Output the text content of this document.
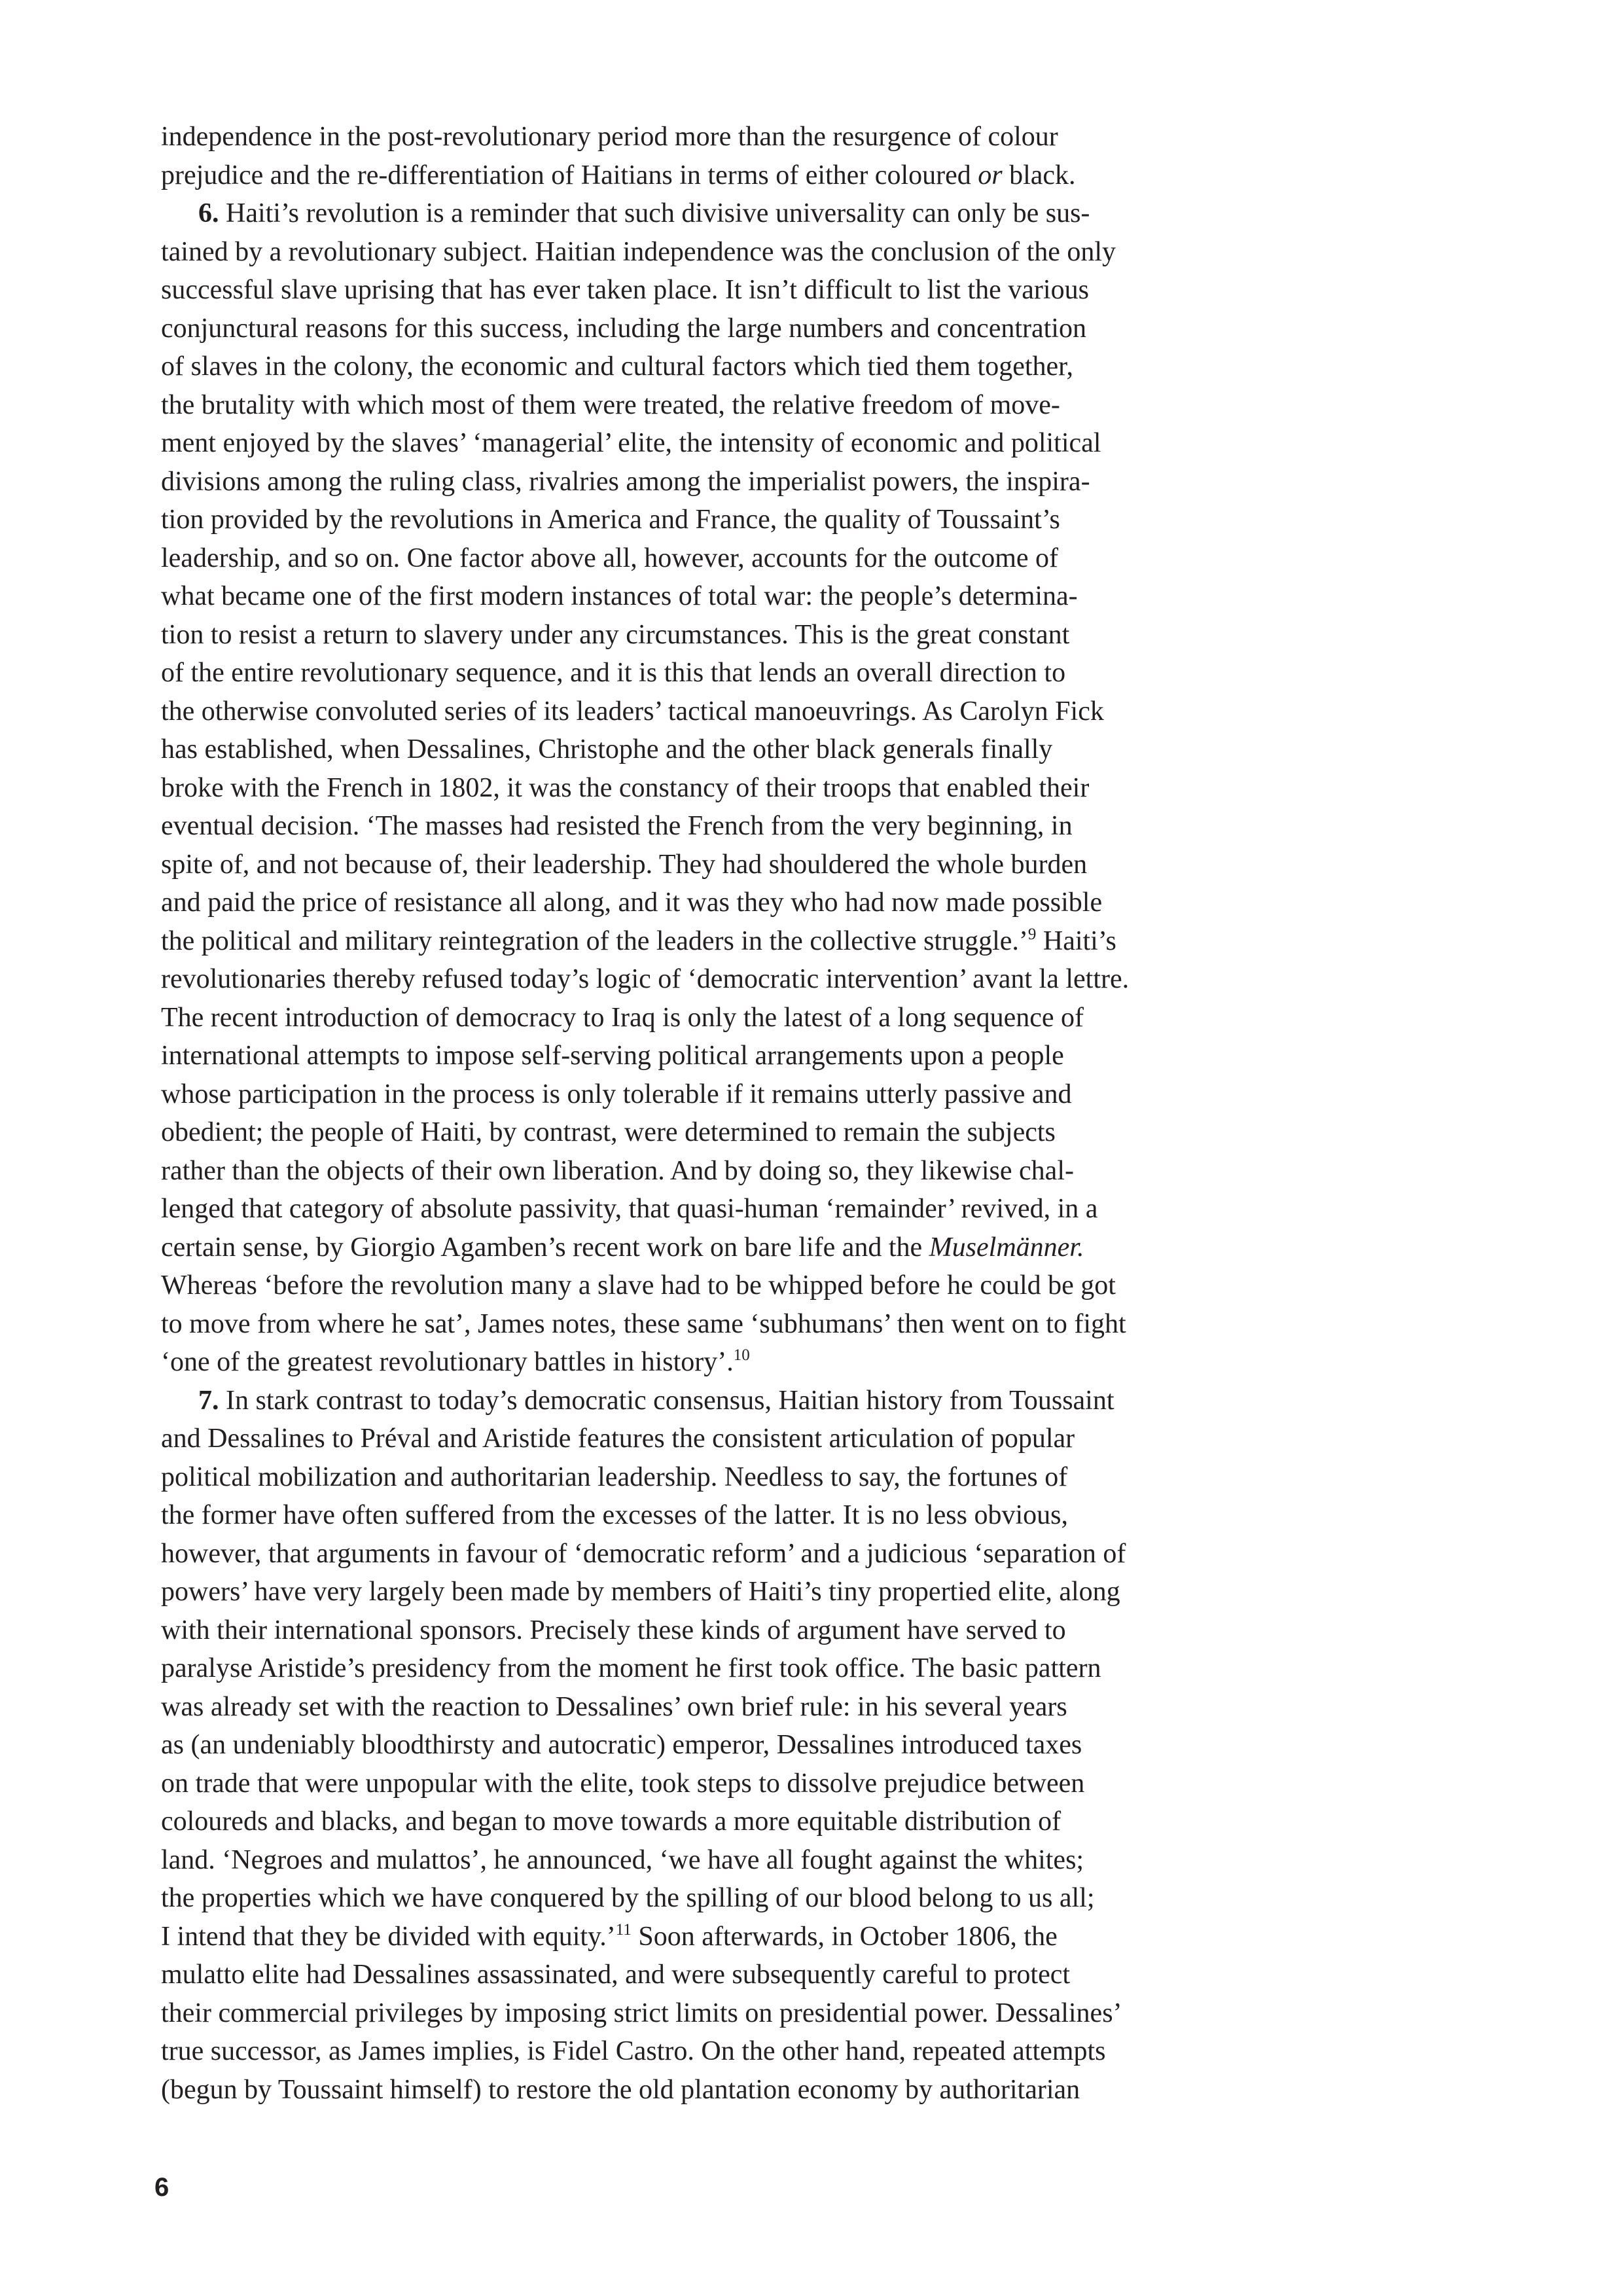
independence in the post-revolutionary period more than the resurgence of colour
prejudice and the re-differentiation of Haitians in terms of either coloured or black.
6. Haiti’s revolution is a reminder that such divisive universality can only be sus-
tained by a revolutionary subject. Haitian independence was the conclusion of the only
successful slave uprising that has ever taken place. It isn’t difficult to list the various
conjunctural reasons for this success, including the large numbers and concentration
of slaves in the colony, the economic and cultural factors which tied them together,
the brutality with which most of them were treated, the relative freedom of move-
ment enjoyed by the slaves’ ‘managerial’ elite, the intensity of economic and political
divisions among the ruling class, rivalries among the imperialist powers, the inspira-
tion provided by the revolutions in America and France, the quality of Toussaint’s
leadership, and so on. One factor above all, however, accounts for the outcome of
what became one of the first modern instances of total war: the people’s determina-
tion to resist a return to slavery under any circumstances. This is the great constant
of the entire revolutionary sequence, and it is this that lends an overall direction to
the otherwise convoluted series of its leaders’ tactical manoeuvrings. As Carolyn Fick
has established, when Dessalines, Christophe and the other black generals finally
broke with the French in 1802, it was the constancy of their troops that enabled their
eventual decision. ‘The masses had resisted the French from the very beginning, in
spite of, and not because of, their leadership. They had shouldered the whole burden
and paid the price of resistance all along, and it was they who had now made possible
the political and military reintegration of the leaders in the collective struggle.’$^9$ Haiti’s
revolutionaries thereby refused today’s logic of ‘democratic intervention’ avant la lettre.
The recent introduction of democracy to Iraq is only the latest of a long sequence of
international attempts to impose self-serving political arrangements upon a people
whose participation in the process is only tolerable if it remains utterly passive and
obedient; the people of Haiti, by contrast, were determined to remain the subjects
rather than the objects of their own liberation. And by doing so, they likewise chal-
lenged that category of absolute passivity, that quasi-human ‘remainder’ revived, in a
certain sense, by Giorgio Agamben’s recent work on bare life and the Muselmänner.
Whereas ‘before the revolution many a slave had to be whipped before he could be got
to move from where he sat’, James notes, these same ‘subhumans’ then went on to fight
‘one of the greatest revolutionary battles in history’.$^{10}$
7. In stark contrast to today’s democratic consensus, Haitian history from Toussaint
and Dessalines to Préval and Aristide features the consistent articulation of popular
political mobilization and authoritarian leadership. Needless to say, the fortunes of
the former have often suffered from the excesses of the latter. It is no less obvious,
however, that arguments in favour of ‘democratic reform’ and a judicious ‘separation of
powers’ have very largely been made by members of Haiti’s tiny propertied elite, along
with their international sponsors. Precisely these kinds of argument have served to
paralyse Aristide’s presidency from the moment he first took office. The basic pattern
was already set with the reaction to Dessalines’ own brief rule: in his several years
as (an undeniably bloodthirsty and autocratic) emperor, Dessalines introduced taxes
on trade that were unpopular with the elite, took steps to dissolve prejudice between
coloureds and blacks, and began to move towards a more equitable distribution of
land. ‘Negroes and mulattos’, he announced, ‘we have all fought against the whites;
the properties which we have conquered by the spilling of our blood belong to us all;
I intend that they be divided with equity.’$^{11}$ Soon afterwards, in October 1806, the
mulatto elite had Dessalines assassinated, and were subsequently careful to protect
their commercial privileges by imposing strict limits on presidential power. Dessalines’
true successor, as James implies, is Fidel Castro. On the other hand, repeated attempts
(begun by Toussaint himself) to restore the old plantation economy by authoritarian
6
